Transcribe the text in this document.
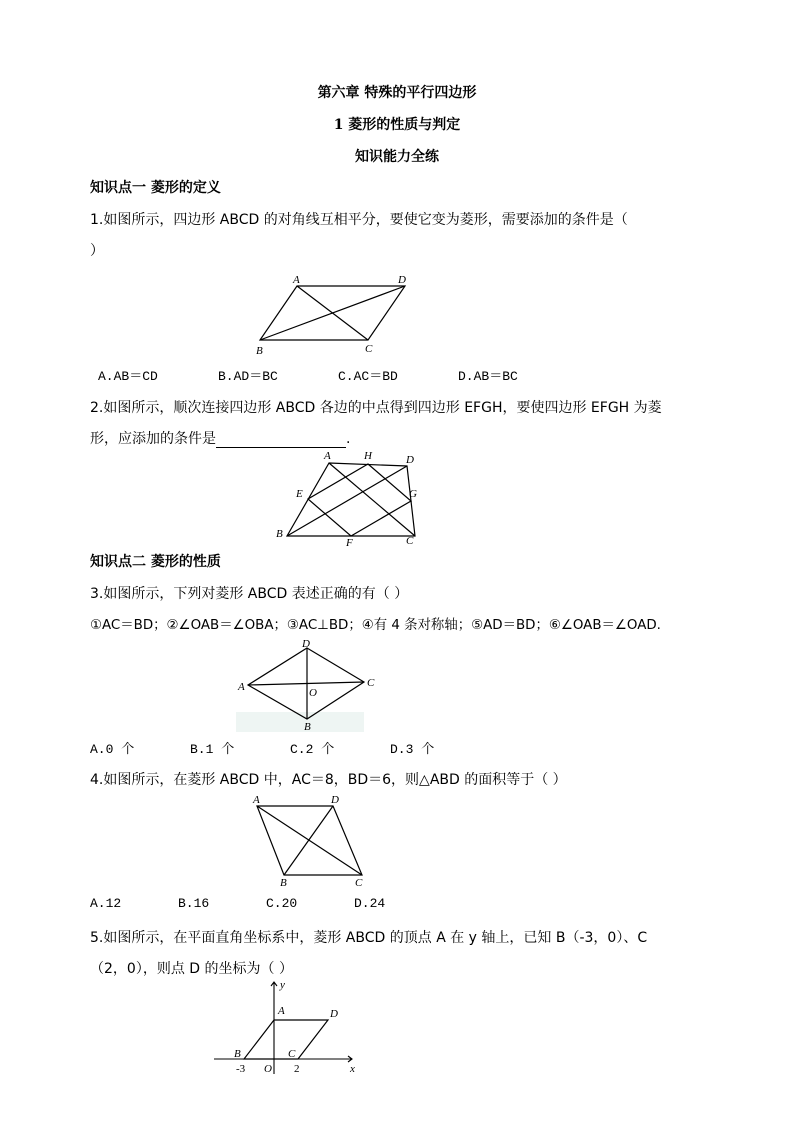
第六章 特殊的平行四边形
1 菱形的性质与判定
知识能力全练
知识点一 菱形的定义
1.如图所示，四边形 ABCD 的对角线互相平分，要使它变为菱形，需要添加的条件是（
）
A	D
B	C
A.AB＝CD	B.AD＝BC	C.AC＝BD	D.AB＝BC
2.如图所示，顺次连接四边形 ABCD 各边的中点得到四边形 EFGH，要使四边形 EFGH 为菱
形，应添加的条件是	.
A	H	D
E	G
B
F	C
知识点二 菱形的性质
3.如图所示，下列对菱形 ABCD 表述正确的有（ ）
①AC＝BD；②∠OAB＝∠OBA；③AC⊥BD；④有 4 条对称轴；⑤AD＝BD；⑥∠OAB＝∠OAD.
D
A	O
C
B
A.0 个	B.1 个	C.2 个	D.3 个
4.如图所示，在菱形 ABCD 中，AC＝8，BD＝6，则△ABD 的面积等于（ ）
A	D
B	C
A.12	B.16	C.20	D.24
5.如图所示，在平面直角坐标系中，菱形 ABCD 的顶点 A 在 y 轴上，已知 B（-3，0）、C
（2，0），则点 D 的坐标为（ ）
y
A	D
B	C
-3 O 2	x
